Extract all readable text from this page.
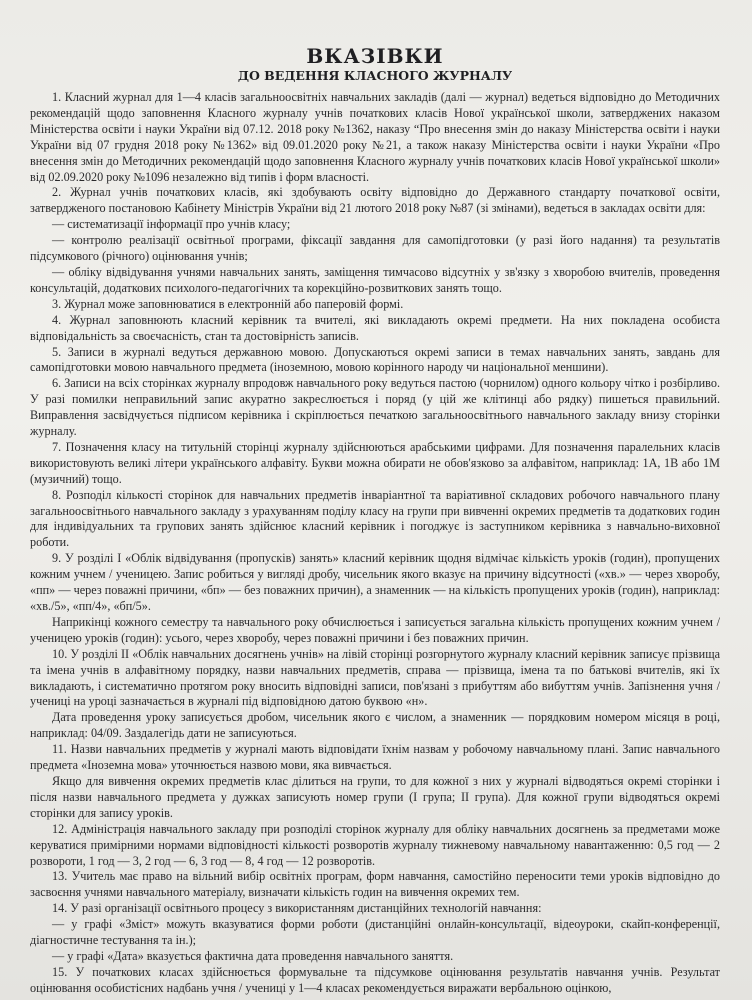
ВКАЗІВКИ
ДО ВЕДЕННЯ КЛАСНОГО ЖУРНАЛУ

1. Класний журнал для 1—4 класів загальноосвітніх навчальних закладів (далі — журнал) ведеться відповідно до Методичних рекомендацій щодо заповнення Класного журналу учнів початкових класів Нової української школи, затверджених наказом Міністерства освіти і науки України від 07.12. 2018 року №1362, наказу “Про внесення змін до наказу Міністерства освіти і науки України від 07 грудня 2018 року №1362» від 09.01.2020 року №21, а також наказу Міністерства освіти і науки України «Про внесення змін до Методичних рекомендацій щодо заповнення Класного журналу учнів початкових класів Нової української школи» від 02.09.2020 року №1096 незалежно від типів і форм власності.

2. Журнал учнів початкових класів, які здобувають освіту відповідно до Державного стандарту початкової освіти, затвердженого постановою Кабінету Міністрів України від 21 лютого 2018 року №87 (зі змінами), ведеться в закладах освіти для:

— систематизації інформації про учнів класу;

— контролю реалізації освітньої програми, фіксації завдання для самопідготовки (у разі його надання) та результатів підсумкового (річного) оцінювання учнів;

— обліку відвідування учнями навчальних занять, заміщення тимчасово відсутніх у зв'язку з хворобою вчителів, проведення консультацій, додаткових психолого-педагогічних та корекційно-розвиткових занять тощо.

3. Журнал може заповнюватися в електронній або паперовій формі.

4. Журнал заповнюють класний керівник та вчителі, які викладають окремі предмети. На них покладена особиста відповідальність за своєчасність, стан та достовірність записів.

5. Записи в журналі ведуться державною мовою. Допускаються окремі записи в темах навчальних занять, завдань для самопідготовки мовою навчального предмета (іноземною, мовою корінного народу чи національної меншини).

6. Записи на всіх сторінках журналу впродовж навчального року ведуться пастою (чорнилом) одного кольору чітко і розбірливо. У разі помилки неправильний запис акуратно закреслюється і поряд (у цій же клітинці або рядку) пишеться правильний. Виправлення засвідчується підписом керівника і скріплюється печаткою загальноосвітнього навчального закладу внизу сторінки журналу.

7. Позначення класу на титульній сторінці журналу здійснюються арабськими цифрами. Для позначення паралельних класів використовують великі літери українського алфавіту. Букви можна обирати не обов'язково за алфавітом, наприклад: 1А, 1В або 1М (музичний) тощо.

8. Розподіл кількості сторінок для навчальних предметів інваріантної та варіативної складових робочого навчального плану загальноосвітнього навчального закладу з урахуванням поділу класу на групи при вивченні окремих предметів та додаткових годин для індивідуальних та групових занять здійснює класний керівник і погоджує із заступником керівника з навчально-виховної роботи.

9. У розділі I «Облік відвідування (пропусків) занять» класний керівник щодня відмічає кількість уроків (годин), пропущених кожним учнем / ученицею. Запис робиться у вигляді дробу, чисельник якого вказує на причину відсутності («хв.» — через хворобу, «пп» — через поважні причини, «бп» — без поважних причин), а знаменник — на кількість пропущених уроків (годин), наприклад: «хв./5», «пп/4», «бп/5».

Наприкінці кожного семестру та навчального року обчислюється і записується загальна кількість пропущених кожним учнем / ученицею уроків (годин): усього, через хворобу, через поважні причини і без поважних причин.

10. У розділі II «Облік навчальних досягнень учнів» на лівій сторінці розгорнутого журналу класний керівник записує прізвища та імена учнів в алфавітному порядку, назви навчальних предметів, справа — прізвища, імена та по батькові вчителів, які їх викладають, і систематично протягом року вносить відповідні записи, пов'язані з прибуттям або вибуттям учнів. Запізнення учня / учениці на уроці зазначається в журналі під відповідною датою буквою «н».

Дата проведення уроку записується дробом, чисельник якого є числом, а знаменник — порядковим номером місяця в році, наприклад: 04/09. Заздалегідь дати не записуються.

11. Назви навчальних предметів у журналі мають відповідати їхнім назвам у робочому навчальному плані. Запис навчального предмета «Іноземна мова» уточнюється назвою мови, яка вивчається.

Якщо для вивчення окремих предметів клас ділиться на групи, то для кожної з них у журналі відводяться окремі сторінки і після назви навчального предмета у дужках записують номер групи (І група; ІІ група). Для кожної групи відводяться окремі сторінки для запису уроків.

12. Адміністрація навчального закладу при розподілі сторінок журналу для обліку навчальних досягнень за предметами може керуватися примірними нормами відповідності кількості розворотів журналу тижневому навчальному навантаженню: 0,5 год — 2 розвороти, 1 год — 3, 2 год — 6, 3 год — 8, 4 год — 12 розворотів.

13. Учитель має право на вільний вибір освітніх програм, форм навчання, самостійно переносити теми уроків відповідно до засвоєння учнями навчального матеріалу, визначати кількість годин на вивчення окремих тем.

14. У разі організації освітнього процесу з використанням дистанційних технологій навчання:

— у графі «Зміст» можуть вказуватися форми роботи (дистанційні онлайн-консультації, відеоуроки, скайп-конференції, діагностичне тестування та ін.);

— у графі «Дата» вказується фактична дата проведення навчального заняття.

15. У початкових класах здійснюється формувальне та підсумкове оцінювання результатів навчання учнів. Результат оцінювання особистісних надбань учня / учениці у 1—4 класах рекомендується виражати вербальною оцінкою,
